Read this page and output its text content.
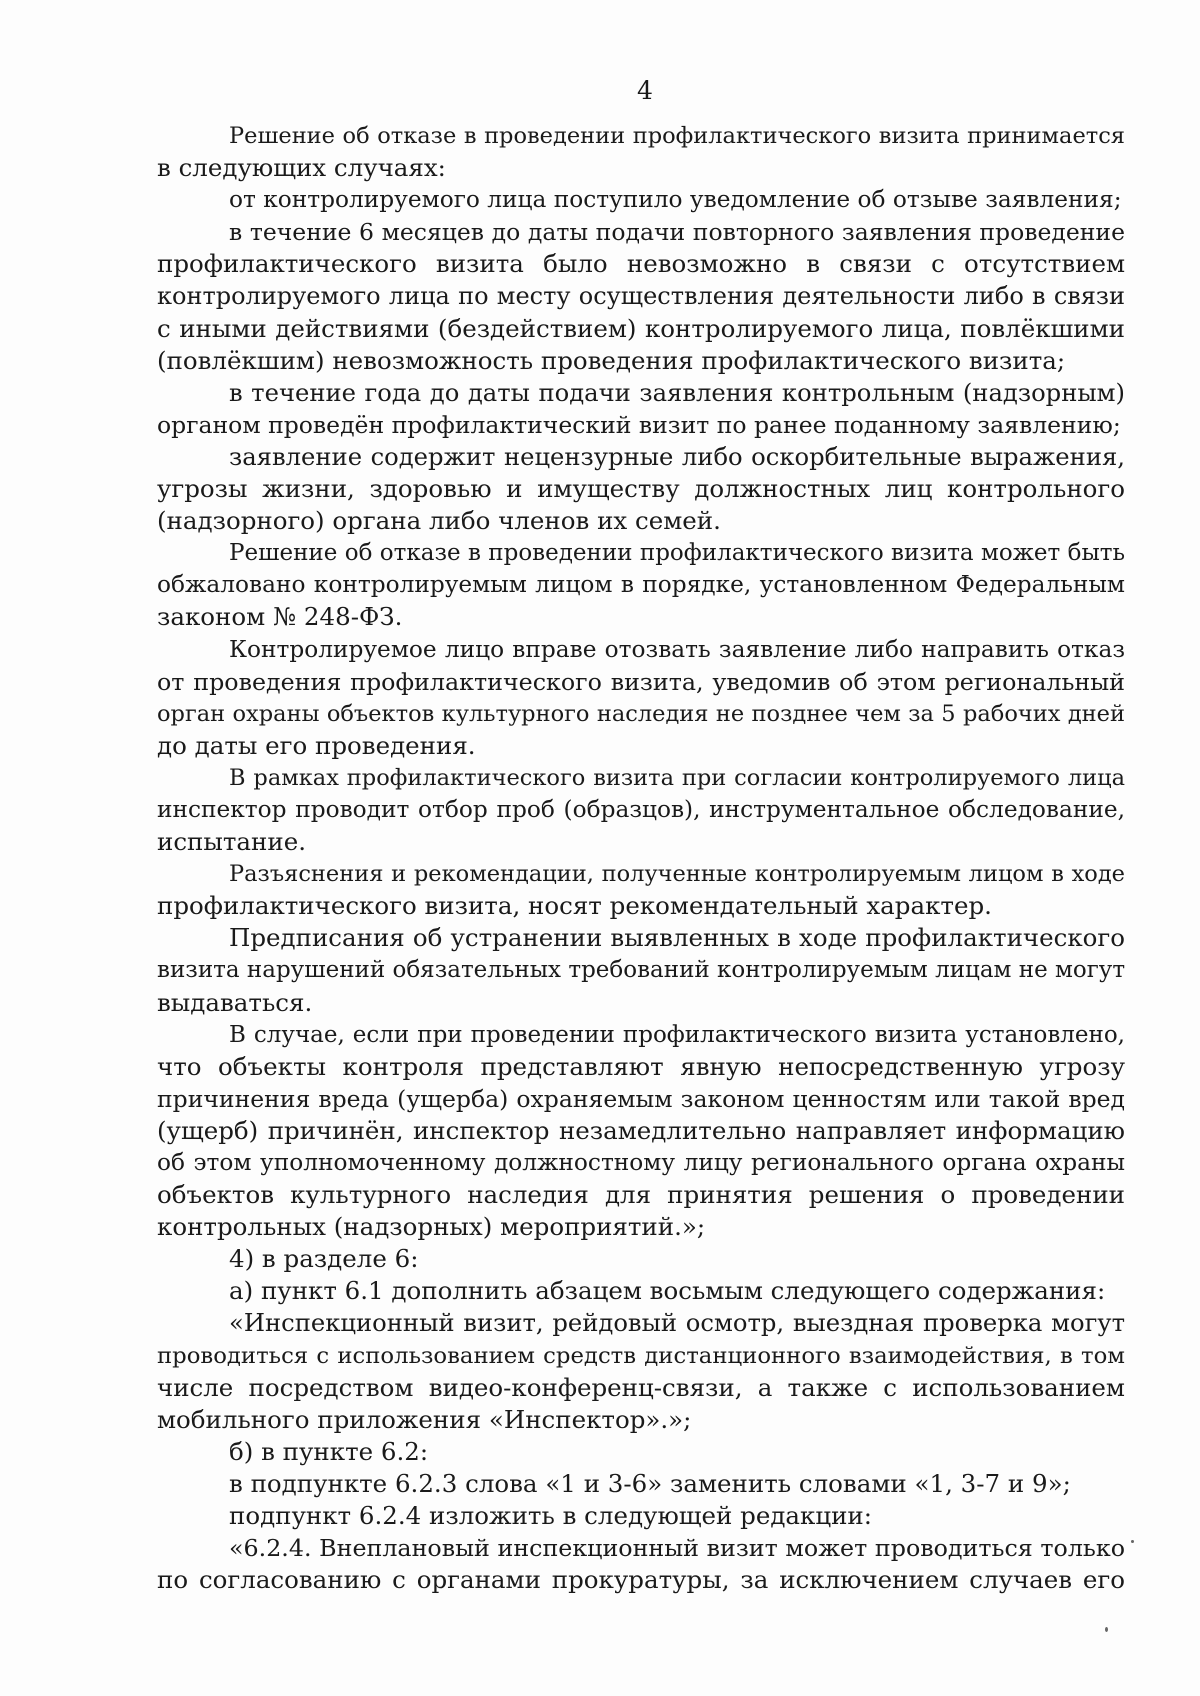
4
Решение об отказе в проведении профилактического визита принимается
в следующих случаях:
от контролируемого лица поступило уведомление об отзыве заявления;
в течение 6 месяцев до даты подачи повторного заявления проведение
профилактического визита было невозможно в связи с отсутствием
контролируемого лица по месту осуществления деятельности либо в связи
с иными действиями (бездействием) контролируемого лица, повлёкшими
(повлёкшим) невозможность проведения профилактического визита;
в течение года до даты подачи заявления контрольным (надзорным)
органом проведён профилактический визит по ранее поданному заявлению;
заявление содержит нецензурные либо оскорбительные выражения,
угрозы жизни, здоровью и имуществу должностных лиц контрольного
(надзорного) органа либо членов их семей.
Решение об отказе в проведении профилактического визита может быть
обжаловано контролируемым лицом в порядке, установленном Федеральным
законом № 248-ФЗ.
Контролируемое лицо вправе отозвать заявление либо направить отказ
от проведения профилактического визита, уведомив об этом региональный
орган охраны объектов культурного наследия не позднее чем за 5 рабочих дней
до даты его проведения.
В рамках профилактического визита при согласии контролируемого лица
инспектор проводит отбор проб (образцов), инструментальное обследование,
испытание.
Разъяснения и рекомендации, полученные контролируемым лицом в ходе
профилактического визита, носят рекомендательный характер.
Предписания об устранении выявленных в ходе профилактического
визита нарушений обязательных требований контролируемым лицам не могут
выдаваться.
В случае, если при проведении профилактического визита установлено,
что объекты контроля представляют явную непосредственную угрозу
причинения вреда (ущерба) охраняемым законом ценностям или такой вред
(ущерб) причинён, инспектор незамедлительно направляет информацию
об этом уполномоченному должностному лицу регионального органа охраны
объектов культурного наследия для принятия решения о проведении
контрольных (надзорных) мероприятий.»;
4) в разделе 6:
а) пункт 6.1 дополнить абзацем восьмым следующего содержания:
«Инспекционный визит, рейдовый осмотр, выездная проверка могут
проводиться с использованием средств дистанционного взаимодействия, в том
числе посредством видео-конференц-связи, а также с использованием
мобильного приложения «Инспектор».»;
б) в пункте 6.2:
в подпункте 6.2.3 слова «1 и 3-6» заменить словами «1, 3-7 и 9»;
подпункт 6.2.4 изложить в следующей редакции:
«6.2.4. Внеплановый инспекционный визит может проводиться только
по согласованию с органами прокуратуры, за исключением случаев его
